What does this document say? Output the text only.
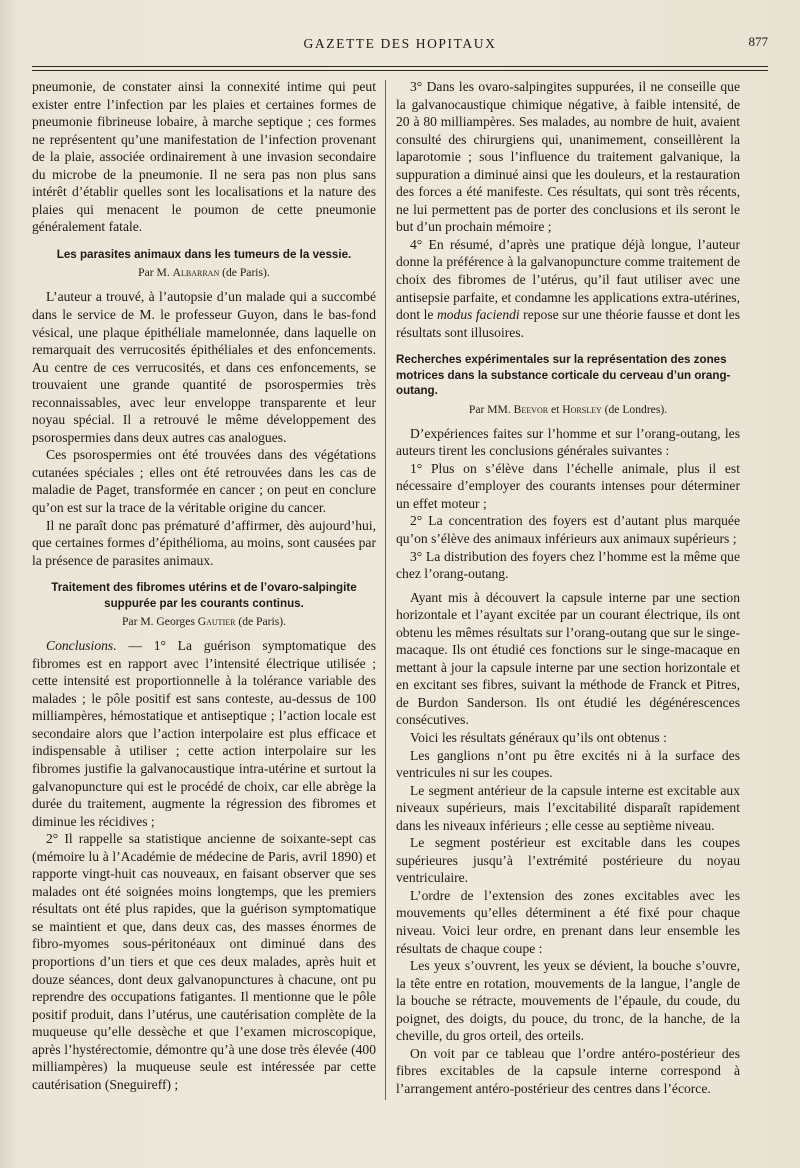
GAZETTE DES HOPITAUX	877

pneumonie, de constater ainsi la connexité intime qui peut exister entre l’infection par les plaies et certaines formes de pneumonie fibrineuse lobaire, à marche septique ; ces formes ne représentent qu’une manifestation de l’infection provenant de la plaie, associée ordinairement à une invasion secondaire du microbe de la pneumonie. Il ne sera pas non plus sans intérêt d’établir quelles sont les localisations et la nature des plaies qui menacent le poumon de cette pneumonie généralement fatale.

Les parasites animaux dans les tumeurs de la vessie.
Par M. Albarran (de Paris).

L’auteur a trouvé, à l’autopsie d’un malade qui a succombé dans le service de M. le professeur Guyon, dans le bas-fond vésical, une plaque épithéliale mamelonnée, dans laquelle on remarquait des verrucosités épithéliales et des enfoncements. Au centre de ces verrucosités, et dans ces enfoncements, se trouvaient une grande quantité de psorospermies très reconnaissables, avec leur enveloppe transparente et leur noyau spécial. Il a retrouvé le même développement des psorospermies dans deux autres cas analogues.

Ces psorospermies ont été trouvées dans des végétations cutanées spéciales ; elles ont été retrouvées dans les cas de maladie de Paget, transformée en cancer ; on peut en conclure qu’on est sur la trace de la véritable origine du cancer.

Il ne paraît donc pas prématuré d’affirmer, dès aujourd’hui, que certaines formes d’épithélioma, au moins, sont causées par la présence de parasites animaux.

Traitement des fibromes utérins et de l’ovaro-salpingite suppurée par les courants continus.
Par M. Georges Gautier (de Paris).

Conclusions. — 1° La guérison symptomatique des fibromes est en rapport avec l’intensité électrique utilisée ; cette intensité est proportionnelle à la tolérance variable des malades ; le pôle positif est sans conteste, au-dessus de 100 milliampères, hémostatique et antiseptique ; l’action locale est secondaire alors que l’action interpolaire est plus efficace et indispensable à utiliser ; cette action interpolaire sur les fibromes justifie la galvanocaustique intra-utérine et surtout la galvanopuncture qui est le procédé de choix, car elle abrège la durée du traitement, augmente la régression des fibromes et diminue les récidives ;

2° Il rappelle sa statistique ancienne de soixante-sept cas (mémoire lu à l’Académie de médecine de Paris, avril 1890) et rapporte vingt-huit cas nouveaux, en faisant observer que ses malades ont été soignées moins longtemps, que les premiers résultats ont été plus rapides, que la guérison symptomatique se maintient et que, dans deux cas, des masses énormes de fibro-myomes sous-péritonéaux ont diminué dans des proportions d’un tiers et que ces deux malades, après huit et douze séances, dont deux galvanopunctures à chacune, ont pu reprendre des occupations fatigantes. Il mentionne que le pôle positif produit, dans l’utérus, une cautérisation complète de la muqueuse qu’elle dessèche et que l’examen microscopique, après l’hystérectomie, démontre qu’à une dose très élevée (400 milliampères) la muqueuse seule est intéressée par cette cautérisation (Sneguireff) ;

3° Dans les ovaro-salpingites suppurées, il ne conseille que la galvanocaustique chimique négative, à faible intensité, de 20 à 80 milliampères. Ses malades, au nombre de huit, avaient consulté des chirurgiens qui, unanimement, conseillèrent la laparotomie ; sous l’influence du traitement galvanique, la suppuration a diminué ainsi que les douleurs, et la restauration des forces a été manifeste. Ces résultats, qui sont très récents, ne lui permettent pas de porter des conclusions et ils seront le but d’un prochain mémoire ;

4° En résumé, d’après une pratique déjà longue, l’auteur donne la préférence à la galvanopuncture comme traitement de choix des fibromes de l’utérus, qu’il faut utiliser avec une antisepsie parfaite, et condamne les applications extra-utérines, dont le modus faciendi repose sur une théorie fausse et dont les résultats sont illusoires.

Recherches expérimentales sur la représentation des zones motrices dans la substance corticale du cerveau d’un orang-outang.
Par MM. Beevor et Horsley (de Londres).

D’expériences faites sur l’homme et sur l’orang-outang, les auteurs tirent les conclusions générales suivantes :

1° Plus on s’élève dans l’échelle animale, plus il est nécessaire d’employer des courants intenses pour déterminer un effet moteur ;

2° La concentration des foyers est d’autant plus marquée qu’on s’élève des animaux inférieurs aux animaux supérieurs ;

3° La distribution des foyers chez l’homme est la même que chez l’orang-outang.

Ayant mis à découvert la capsule interne par une section horizontale et l’ayant excitée par un courant électrique, ils ont obtenu les mêmes résultats sur l’orang-outang que sur le singe-macaque. Ils ont étudié ces fonctions sur le singe-macaque en mettant à jour la capsule interne par une section horizontale et en excitant ses fibres, suivant la méthode de Franck et Pitres, de Burdon Sanderson. Ils ont étudié les dégénérescences consécutives.

Voici les résultats généraux qu’ils ont obtenus :

Les ganglions n’ont pu être excités ni à la surface des ventricules ni sur les coupes.

Le segment antérieur de la capsule interne est excitable aux niveaux supérieurs, mais l’excitabilité disparaît rapidement dans les niveaux inférieurs ; elle cesse au septième niveau.

Le segment postérieur est excitable dans les coupes supérieures jusqu’à l’extrémité postérieure du noyau ventriculaire.

L’ordre de l’extension des zones excitables avec les mouvements qu’elles déterminent a été fixé pour chaque niveau. Voici leur ordre, en prenant dans leur ensemble les résultats de chaque coupe :

Les yeux s’ouvrent, les yeux se dévient, la bouche s’ouvre, la tête entre en rotation, mouvements de la langue, l’angle de la bouche se rétracte, mouvements de l’épaule, du coude, du poignet, des doigts, du pouce, du tronc, de la hanche, de la cheville, du gros orteil, des orteils.

On voit par ce tableau que l’ordre antéro-postérieur des fibres excitables de la capsule interne correspond à l’arrangement antéro-postérieur des centres dans l’écorce.
